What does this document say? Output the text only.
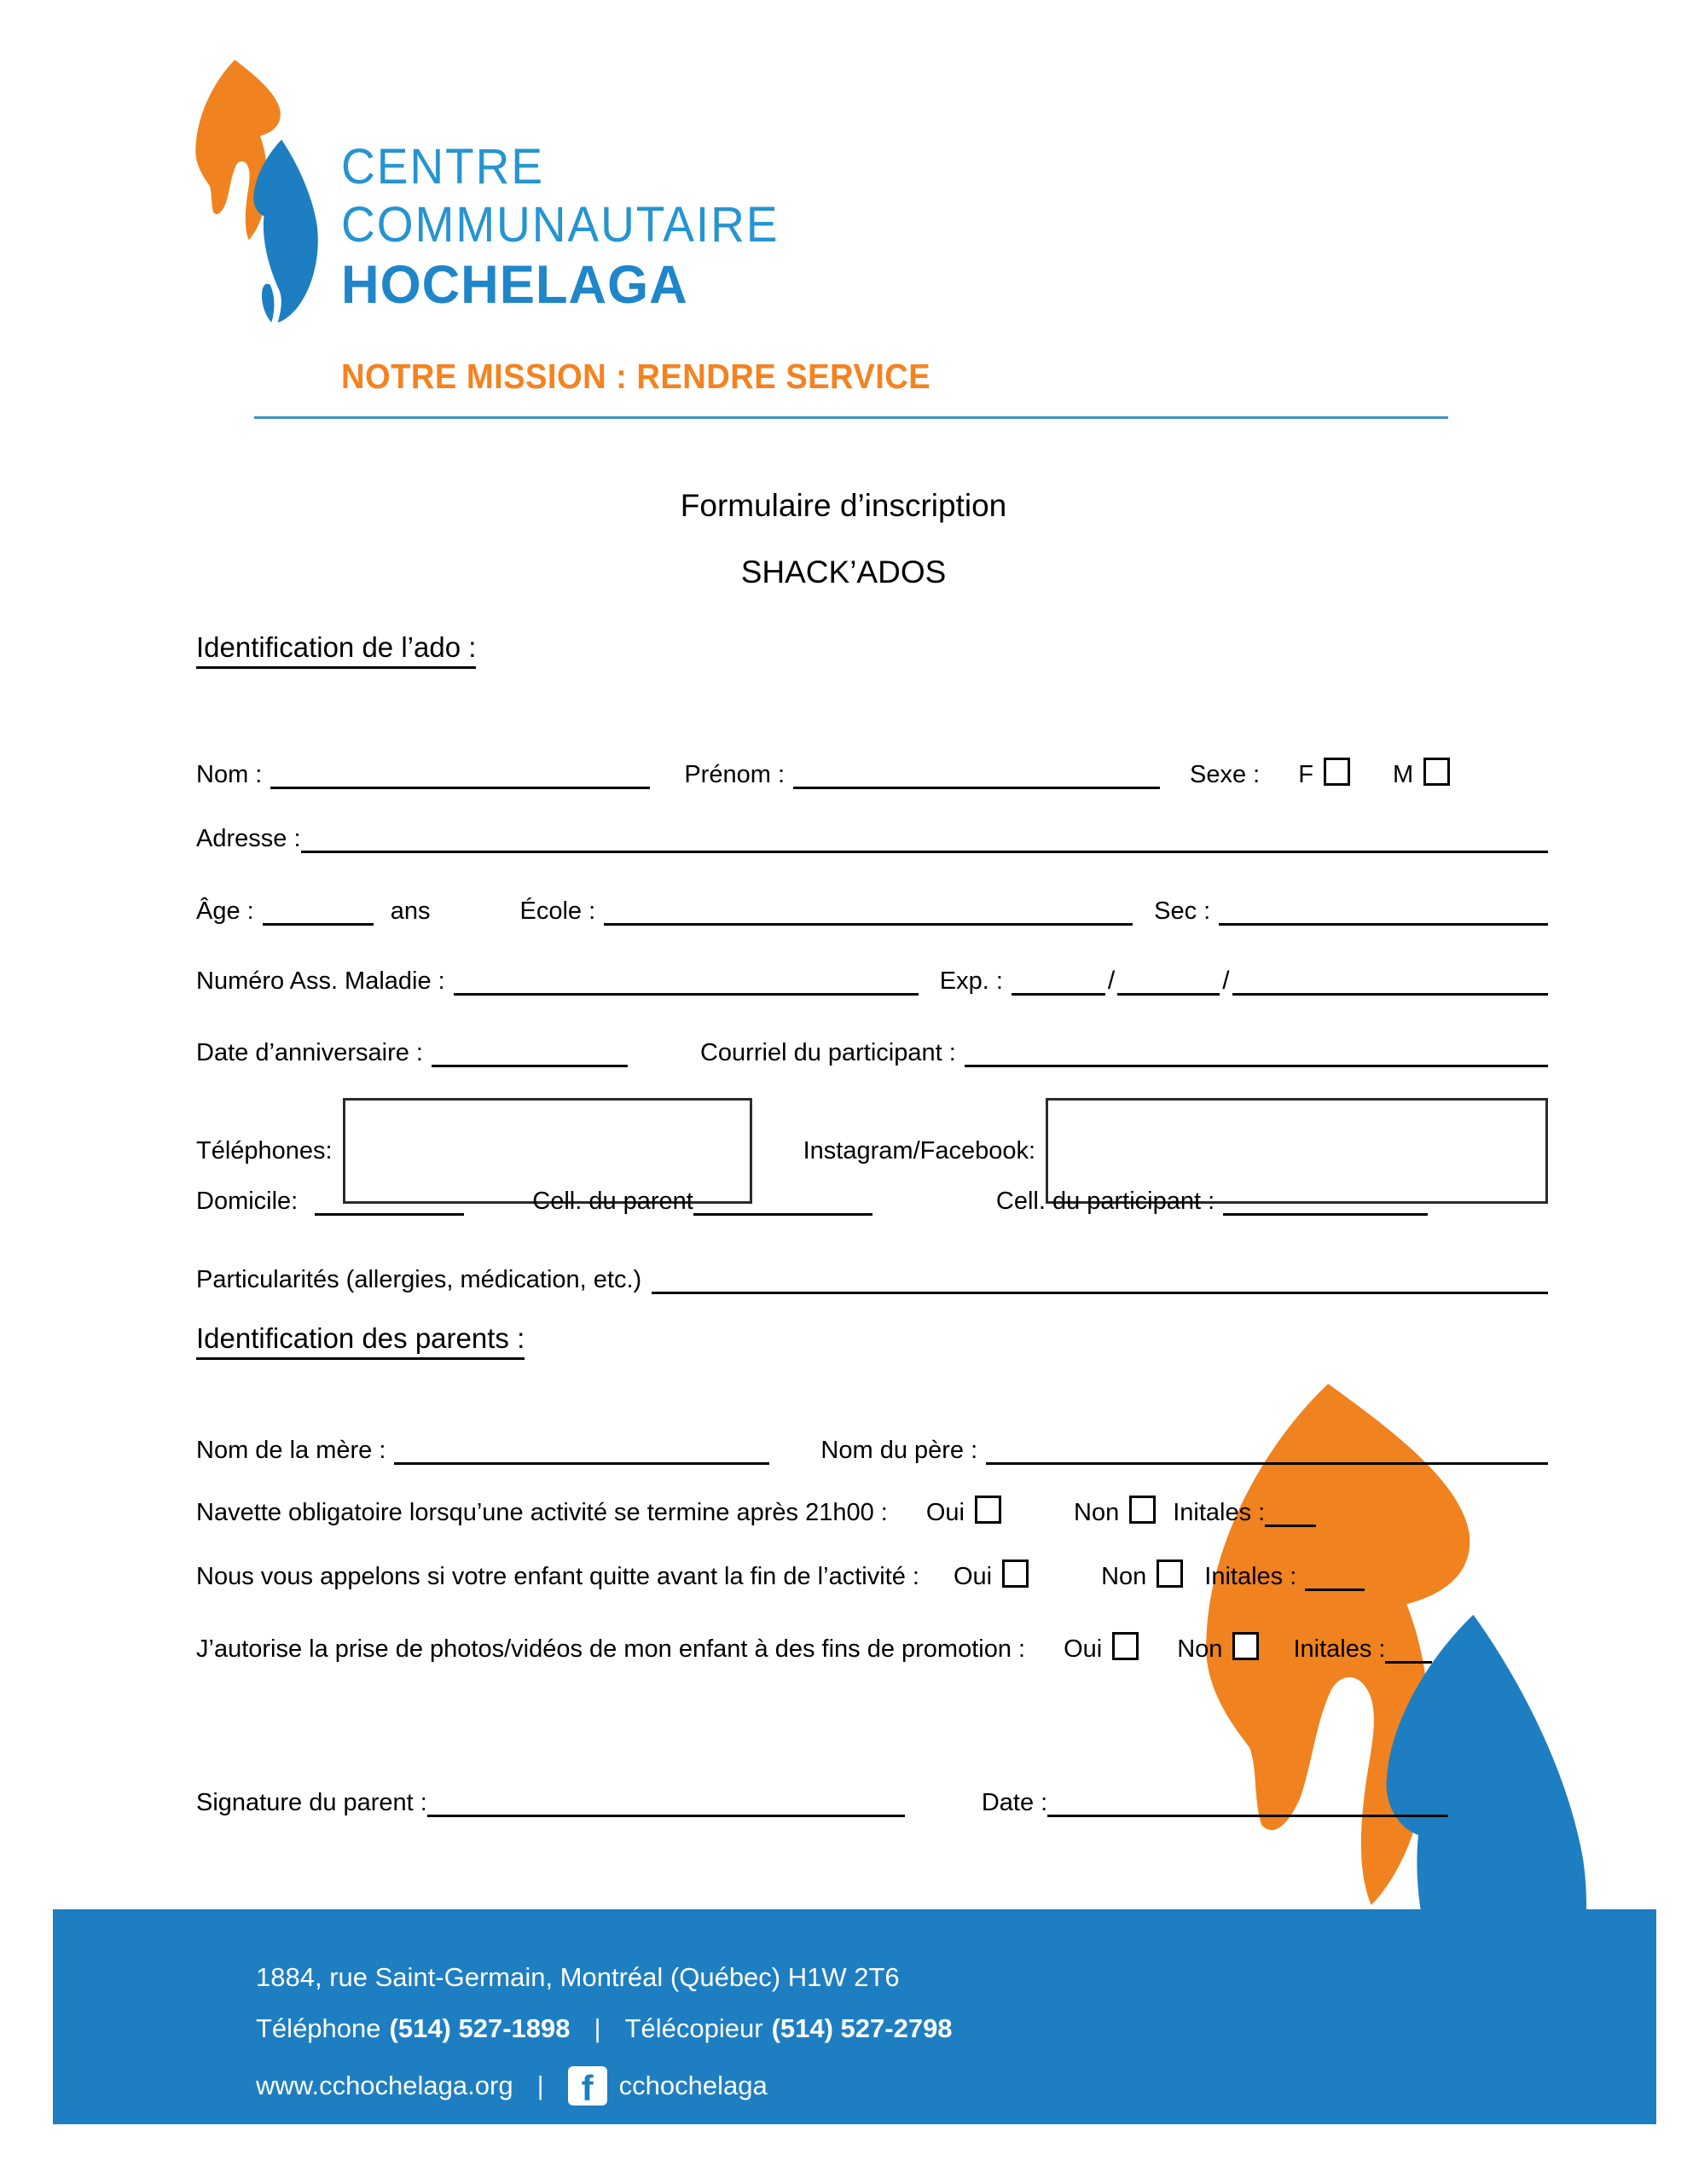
CENTRE
COMMUNAUTAIRE
HOCHELAGA
NOTRE MISSION : RENDRE SERVICE
Formulaire d’inscription
SHACK’ADOS
Identification de l’ado :
Nom :	Prénom :	Sexe : F	M
Adresse :
Âge :	ans	École :	Sec :
Numéro Ass. Maladie :	Exp. :	/	/
Date d’anniversaire :	Courriel du participant :
Téléphones:	Instagram/Facebook:
Domicile:	Cell. du parent	Cell. du participant :
Particularités (allergies, médication, etc.)
Identification des parents :
Nom de la mère :	Nom du père :
Navette obligatoire lorsqu’une activité se termine après 21h00 : Oui	Non Initales :
Nous vous appelons si votre enfant quitte avant la fin de l’activité : Oui	Non Initales :
J’autorise la prise de photos/vidéos de mon enfant à des fins de promotion : Oui	Non	Initales :
Signature du parent :	Date :
1884, rue Saint-Germain, Montréal (Québec) H1W 2T6
Téléphone (514) 527-1898 | Télécopieur (514) 527-2798
www.cchochelaga.org |	f cchochelaga
